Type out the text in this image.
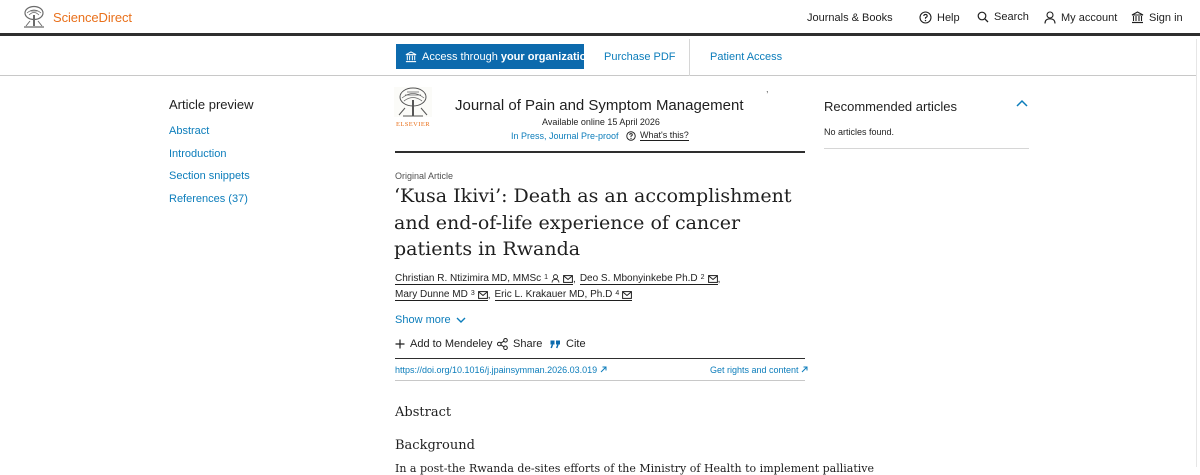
ScienceDirect	Journals & Books	Help	Search	My account	Sign in
Access through your organization Purchase PDF	Patient Access
Article preview
Abstract
Introduction
Section snippets
References (37)
ELSEVIER
Journal of Pain and Symptom Management
,
Available online 15 April 2026
In Press, Journal Pre-proof What's this?
Original Article
‘Kusa Ikivi’: Death as an accomplishment and end-of-life experience of cancer patients in Rwanda
Christian R. Ntizimira MD, MMSc $^1$	, Deo S. Mbonyinkebe Ph.D $^2$ ,
Mary Dunne MD $^3$ , Eric L. Krakauer MD, Ph.D $^4$
Show more
Add to Mendeley Share Cite
https://doi.org/10.1016/j.jpainsymman.2026.03.019	Get rights and content
Abstract
Background
In a post-the Rwanda de-sites efforts of the Ministry of Health to implement palliative
Recommended articles
No articles found.
